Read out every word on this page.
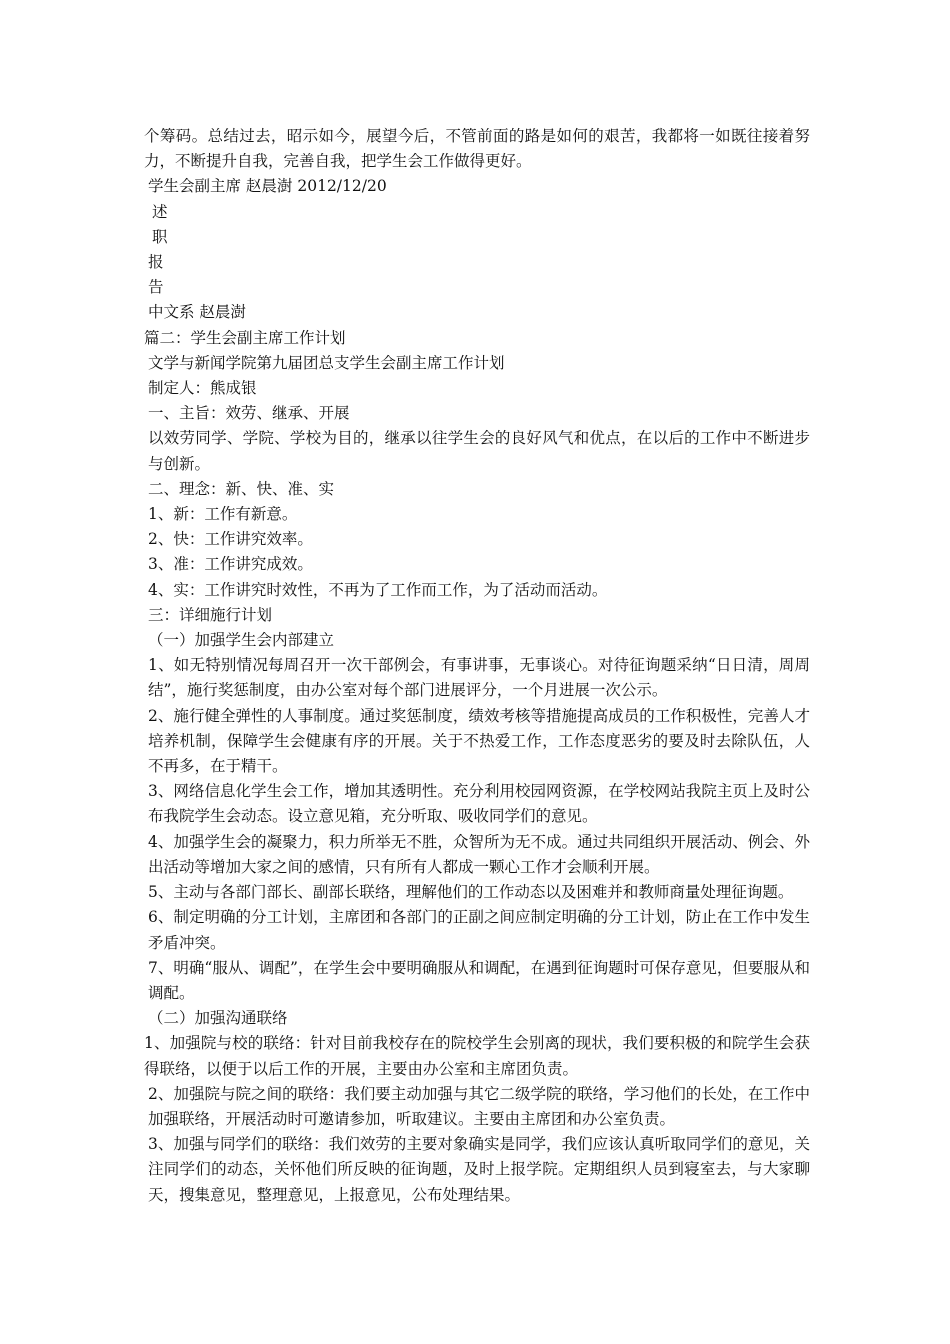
个筹码。总结过去，昭示如今，展望今后，不管前面的路是如何的艰苦，我都将一如既往接着努力，不断提升自我，完善自我，把学生会工作做得更好。

学生会副主席 赵晨澍 2012/12/20

述

职

报

告

中文系 赵晨澍

篇二：学生会副主席工作计划

文学与新闻学院第九届团总支学生会副主席工作计划

制定人：熊成银

一、主旨：效劳、继承、开展

以效劳同学、学院、学校为目的，继承以往学生会的良好风气和优点，在以后的工作中不断进步与创新。

二、理念：新、快、准、实

1、新：工作有新意。

2、快：工作讲究效率。

3、准：工作讲究成效。

4、实：工作讲究时效性，不再为了工作而工作，为了活动而活动。

三：详细施行计划

（一）加强学生会内部建立

1、如无特别情况每周召开一次干部例会，有事讲事，无事谈心。对待征询题采纳“日日清，周周结”，施行奖惩制度，由办公室对每个部门进展评分，一个月进展一次公示。

2、施行健全弹性的人事制度。通过奖惩制度，绩效考核等措施提高成员的工作积极性，完善人才培养机制，保障学生会健康有序的开展。关于不热爱工作，工作态度恶劣的要及时去除队伍，人不再多，在于精干。

3、网络信息化学生会工作，增加其透明性。充分利用校园网资源，在学校网站我院主页上及时公布我院学生会动态。设立意见箱，充分听取、吸收同学们的意见。

4、加强学生会的凝聚力，积力所举无不胜，众智所为无不成。通过共同组织开展活动、例会、外出活动等增加大家之间的感情，只有所有人都成一颗心工作才会顺利开展。

5、主动与各部门部长、副部长联络，理解他们的工作动态以及困难并和教师商量处理征询题。

6、制定明确的分工计划，主席团和各部门的正副之间应制定明确的分工计划，防止在工作中发生矛盾冲突。

7、明确“服从、调配”，在学生会中要明确服从和调配，在遇到征询题时可保存意见，但要服从和调配。

（二）加强沟通联络

1、加强院与校的联络：针对目前我校存在的院校学生会别离的现状，我们要积极的和院学生会获得联络，以便于以后工作的开展，主要由办公室和主席团负责。

2、加强院与院之间的联络：我们要主动加强与其它二级学院的联络，学习他们的长处，在工作中加强联络，开展活动时可邀请参加，听取建议。主要由主席团和办公室负责。

3、加强与同学们的联络：我们效劳的主要对象确实是同学，我们应该认真听取同学们的意见，关注同学们的动态，关怀他们所反映的征询题，及时上报学院。定期组织人员到寝室去，与大家聊天，搜集意见，整理意见，上报意见，公布处理结果。
